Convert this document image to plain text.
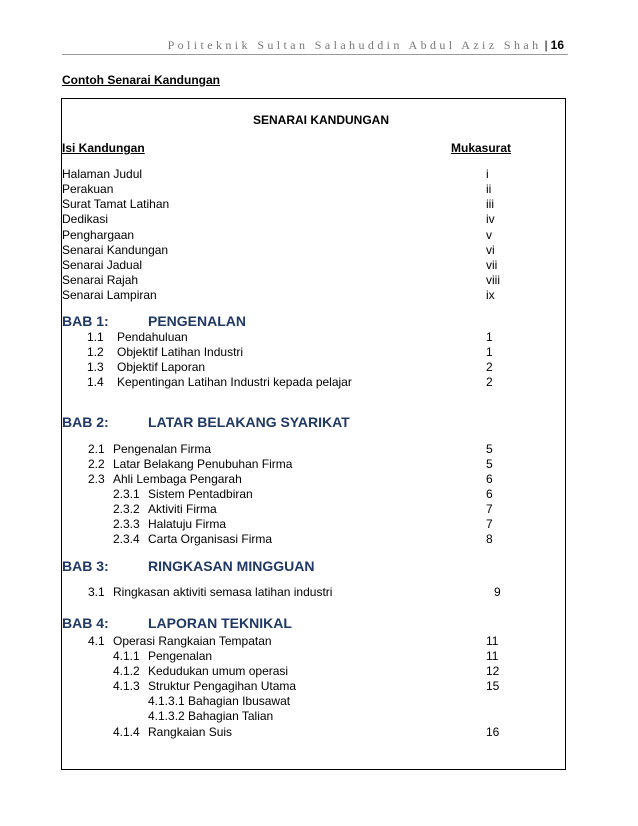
Politeknik Sultan Salahuddin Abdul Aziz Shah | 16
Contoh Senarai Kandungan
SENARAI KANDUNGAN
Isi Kandungan	Mukasurat
Halaman Judul	i
Perakuan	ii
Surat Tamat Latihan	iii
Dedikasi	iv
Penghargaan	v
Senarai Kandungan	vi
Senarai Jadual	vii
Senarai Rajah	viii
Senarai Lampiran	ix
BAB 1:	PENGENALAN
1.1 Pendahuluan	1
1.2 Objektif Latihan Industri	1
1.3 Objektif Laporan	2
1.4 Kepentingan Latihan Industri kepada pelajar	2
BAB 2:	LATAR BELAKANG SYARIKAT
2.1 Pengenalan Firma	5
2.2 Latar Belakang Penubuhan Firma	5
2.3 Ahli Lembaga Pengarah	6
2.3.1 Sistem Pentadbiran	6
2.3.2 Aktiviti Firma	7
2.3.3 Halatuju Firma	7
2.3.4 Carta Organisasi Firma	8
BAB 3:	RINGKASAN MINGGUAN
3.1 Ringkasan aktiviti semasa latihan industri	9
BAB 4:	LAPORAN TEKNIKAL
4.1 Operasi Rangkaian Tempatan	11
4.1.1 Pengenalan	11
4.1.2 Kedudukan umum operasi	12
4.1.3 Struktur Pengagihan Utama	15
4.1.3.1 Bahagian Ibusawat
4.1.3.2 Bahagian Talian
4.1.4 Rangkaian Suis	16
